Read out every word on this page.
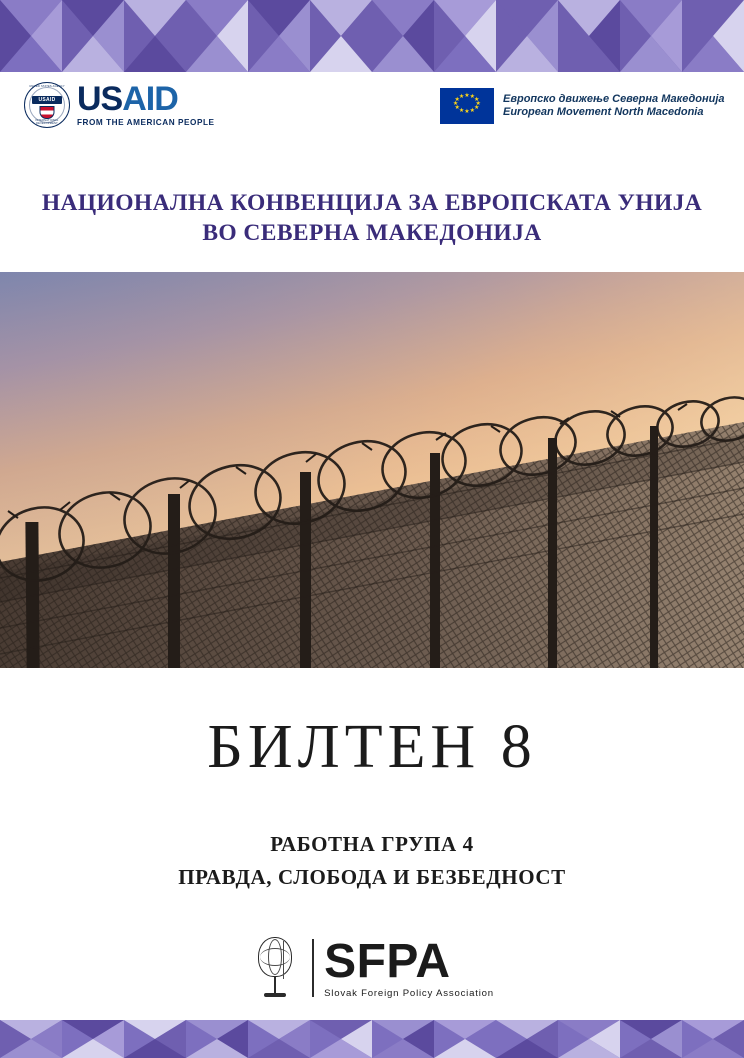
UNITED STATES AGENCY
INTERNATIONAL DEVELOPMENT
USAID USAID
FROM THE AMERICAN PEOPLE
★ ★
★
★
★
★
★
★
★
★
★
★	Европско движење Северна Македонија
European Movement North Macedonia
НАЦИОНАЛНА КОНВЕНЦИЈА ЗА ЕВРОПСКАТА УНИЈА ВО СЕВЕРНА МАКЕДОНИЈА
БИЛТЕН 8
РАБОТНА ГРУПА 4
ПРАВДА, СЛОБОДА И БЕЗБЕДНОСТ
SFPA
Slovak Foreign Policy Association
